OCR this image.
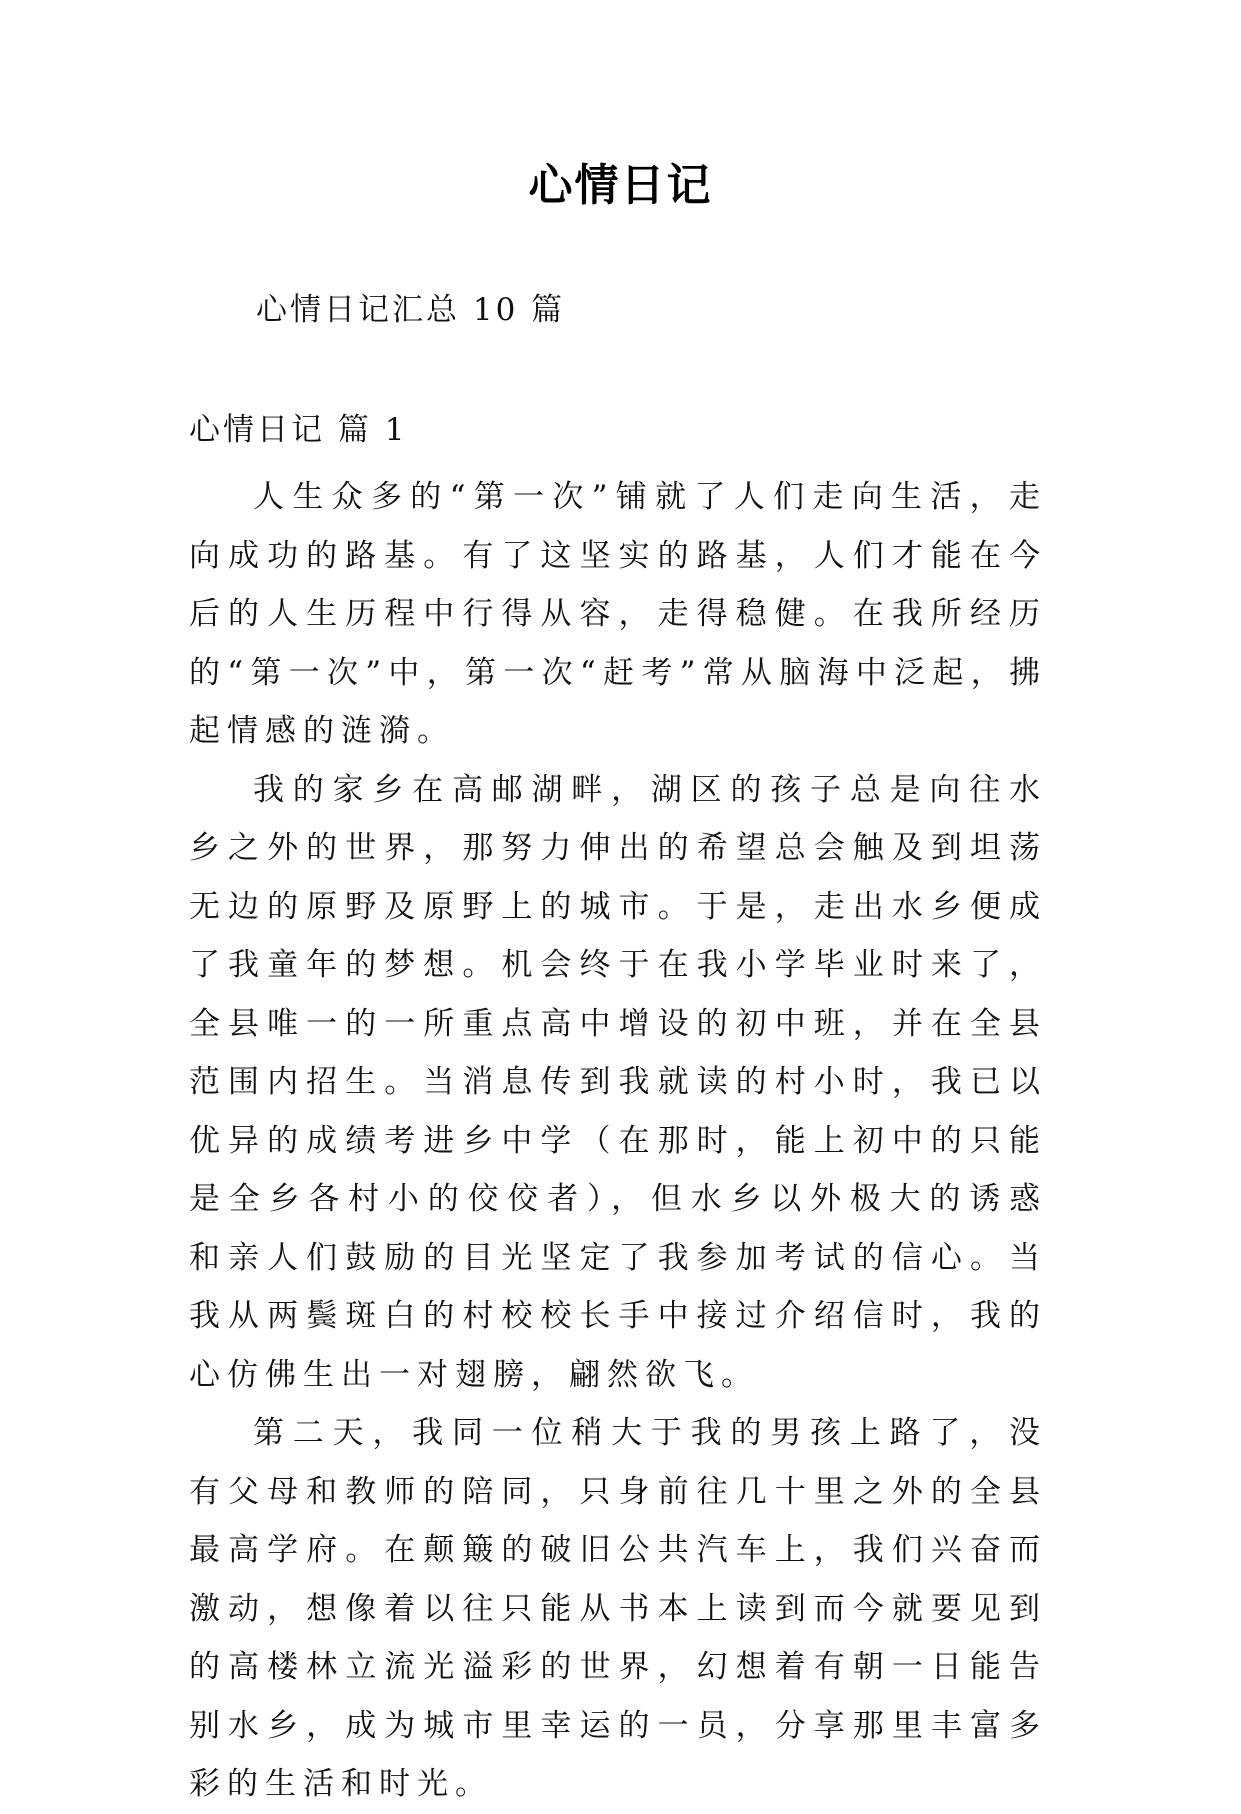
心情日记
心情日记汇总 10 篇
心情日记 篇 1

人生众多的“第一次”铺就了人们走向生活，走向成功的路基。有了这坚实的路基，人们才能在今后的人生历程中行得从容，走得稳健。在我所经历的“第一次”中，第一次“赶考”常从脑海中泛起，拂起情感的涟漪。

我的家乡在高邮湖畔，湖区的孩子总是向往水乡之外的世界，那努力伸出的希望总会触及到坦荡无边的原野及原野上的城市。于是，走出水乡便成了我童年的梦想。机会终于在我小学毕业时来了，全县唯一的一所重点高中增设的初中班，并在全县范围内招生。当消息传到我就读的村小时，我已以优异的成绩考进乡中学（在那时，能上初中的只能是全乡各村小的佼佼者），但水乡以外极大的诱惑和亲人们鼓励的目光坚定了我参加考试的信心。当我从两鬓斑白的村校校长手中接过介绍信时，我的心仿佛生出一对翅膀，翩然欲飞。

第二天，我同一位稍大于我的男孩上路了，没有父母和教师的陪同，只身前往几十里之外的全县最高学府。在颠簸的破旧公共汽车上，我们兴奋而激动，想像着以往只能从书本上读到而今就要见到的高楼林立流光溢彩的世界，幻想着有朝一日能告别水乡，成为城市里幸运的一员，分享那里丰富多彩的生活和时光。
